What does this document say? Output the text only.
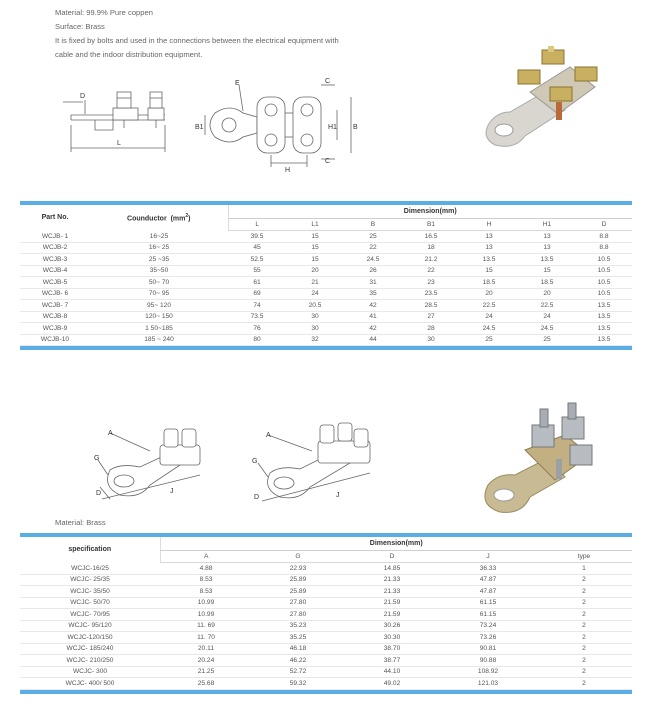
Material: 99.9% Pure coppen
Surface: Brass
It is fixed by bolts and used in the connections between the electrical equipment with
cable and the indoor distribution equipment.
D
L
E	C
B1	H1 B
H
C

Part No.	Counductor $(mm^2)$	Dimension(mm)						
		L	L1	B	B1	H	H1	D
WCJB- 1	16~25	39.5	15	25	16.5	13	13	8.8
WCJB-2	16~ 25	45	15	22	18	13	13	8.8
WCJB-3	25 ~35	52.5	15	24.5	21.2	13.5	13.5	10.5
WCJB-4	35~50	55	20	26	22	15	15	10.5
WCJB-5	50~ 70	61	21	31	23	18.5	18.5	10.5
WCJB- 6	70~ 95	69	24	35	23.5	20	20	10.5
WCJB- 7	95~ 120	74	20.5	42	28.5	22.5	22.5	13.5
WCJB-8	120~ 150	73.5	30	41	27	24	24	13.5
WCJB-9	1 50~185	76	30	42	28	24.5	24.5	13.5
WCJB-10	185 ~ 240	80	32	44	30	25	25	13.5

A
G
D	J
A
G
D	J
Material: Brass

specification	Dimension(mm)				
	A	G	D	J	type
WCJC-16/25	4.88	22.93	14.85	36.33	1
WCJC- 25/35	8.53	25.89	21.33	47.87	2
WCJC- 35/50	8.53	25.89	21.33	47.87	2
WCJC- 50/70	10.99	27.80	21.59	61.15	2
WCJC- 70/95	10.99	27.80	21.59	61.15	2
WCJC- 95/120	11. 69	35.23	30.26	73.24	2
WCJC-120/150	11. 70	35.25	30.30	73.26	2
WCJC- 185/240	20.11	46.18	38.70	90.81	2
WCJC- 210/250	20.24	46.22	38.77	90.88	2
WCJC- 300	21.25	52.72	44.10	108.92	2
WCJC- 400/ 500	25.68	59.32	49.02	121.03	2
